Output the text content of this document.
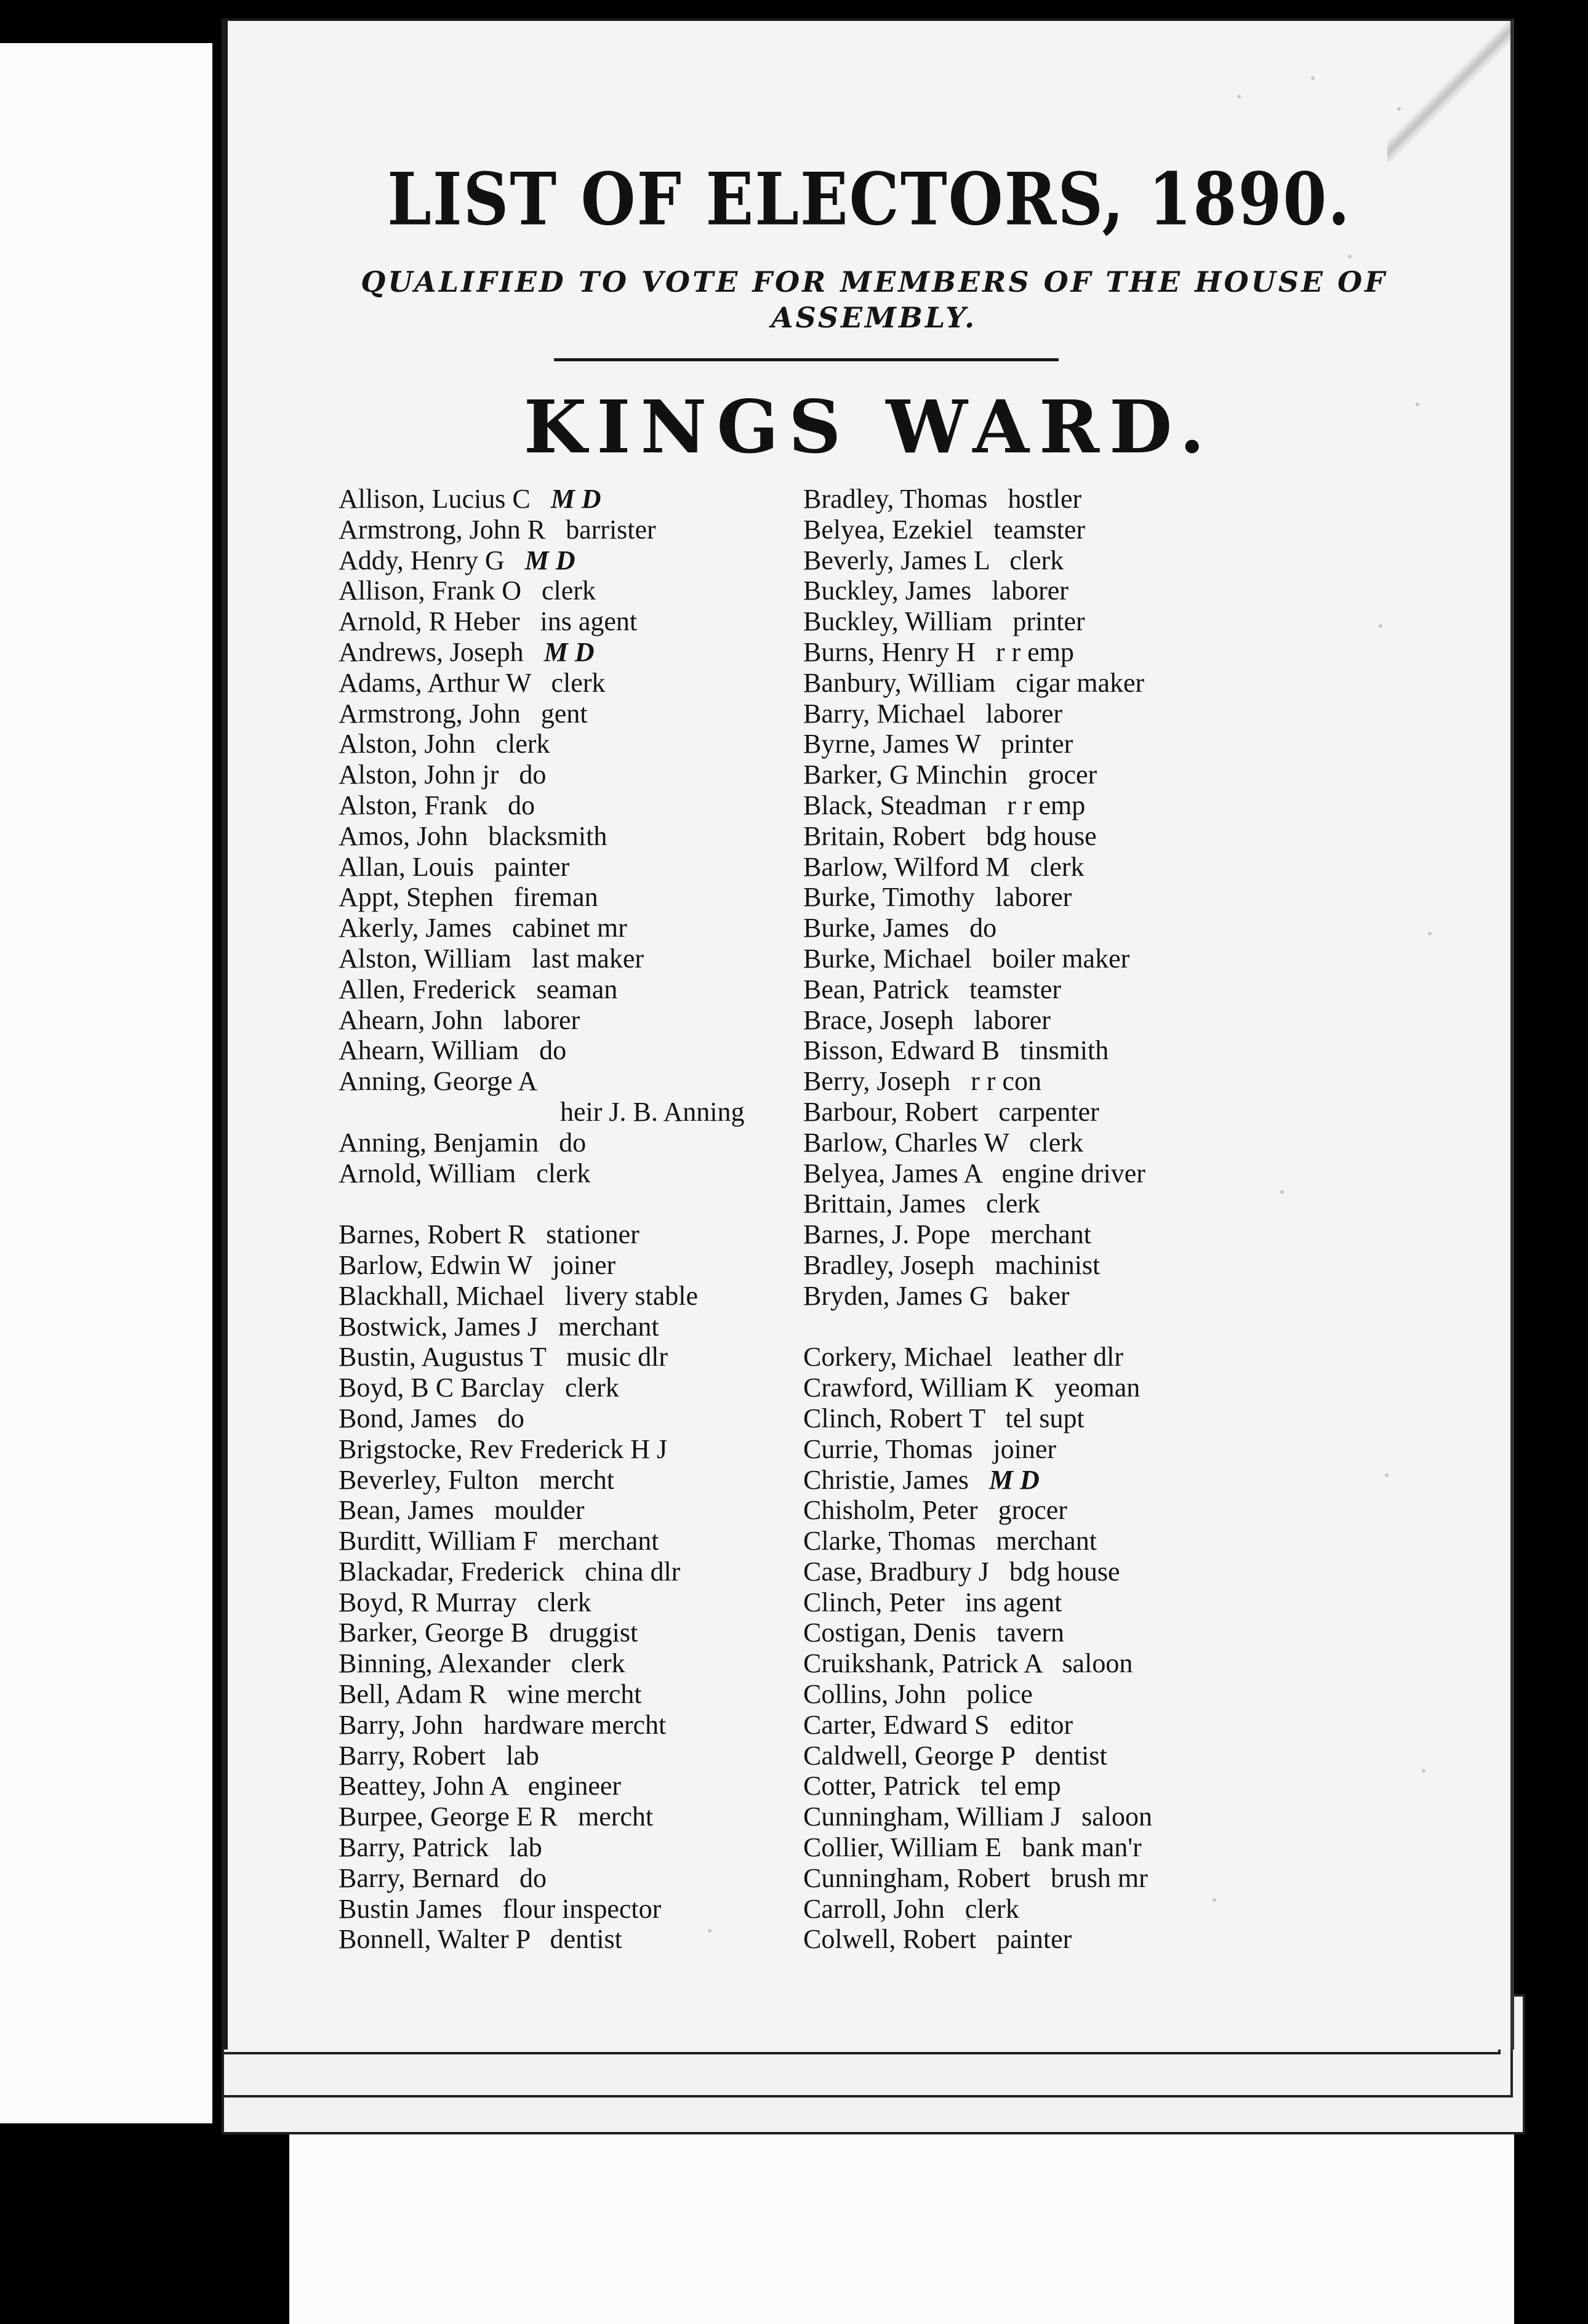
LIST OF ELECTORS, 1890.
QUALIFIED TO VOTE FOR MEMBERS OF THE HOUSE OF ASSEMBLY.
KINGS WARD.
Allison, Lucius C M D
Armstrong, John R barrister
Addy, Henry G M D
Allison, Frank O clerk
Arnold, R Heber ins agent
Andrews, Joseph M D
Adams, Arthur W clerk
Armstrong, John gent
Alston, John clerk
Alston, John jr do
Alston, Frank do
Amos, John blacksmith
Allan, Louis painter
Appt, Stephen fireman
Akerly, James cabinet mr
Alston, William last maker
Allen, Frederick seaman
Ahearn, John laborer
Ahearn, William do
Anning, George A
heir J. B. Anning
Anning, Benjamin do
Arnold, William clerk
Barnes, Robert R stationer
Barlow, Edwin W joiner
Blackhall, Michael livery stable
Bostwick, James J merchant
Bustin, Augustus T music dlr
Boyd, B C Barclay clerk
Bond, James do
Brigstocke, Rev Frederick H J
Beverley, Fulton mercht
Bean, James moulder
Burditt, William F merchant
Blackadar, Frederick china dlr
Boyd, R Murray clerk
Barker, George B druggist
Binning, Alexander clerk
Bell, Adam R wine mercht
Barry, John hardware mercht
Barry, Robert lab
Beattey, John A engineer
Burpee, George E R mercht
Barry, Patrick lab
Barry, Bernard do
Bustin James flour inspector
Bonnell, Walter P dentist
Bradley, Thomas hostler
Belyea, Ezekiel teamster
Beverly, James L clerk
Buckley, James laborer
Buckley, William printer
Burns, Henry H r r emp
Banbury, William cigar maker
Barry, Michael laborer
Byrne, James W printer
Barker, G Minchin grocer
Black, Steadman r r emp
Britain, Robert bdg house
Barlow, Wilford M clerk
Burke, Timothy laborer
Burke, James do
Burke, Michael boiler maker
Bean, Patrick teamster
Brace, Joseph laborer
Bisson, Edward B tinsmith
Berry, Joseph r r con
Barbour, Robert carpenter
Barlow, Charles W clerk
Belyea, James A engine driver
Brittain, James clerk
Barnes, J. Pope merchant
Bradley, Joseph machinist
Bryden, James G baker
Corkery, Michael leather dlr
Crawford, William K yeoman
Clinch, Robert T tel supt
Currie, Thomas joiner
Christie, James M D
Chisholm, Peter grocer
Clarke, Thomas merchant
Case, Bradbury J bdg house
Clinch, Peter ins agent
Costigan, Denis tavern
Cruikshank, Patrick A saloon
Collins, John police
Carter, Edward S editor
Caldwell, George P dentist
Cotter, Patrick tel emp
Cunningham, William J saloon
Collier, William E bank man'r
Cunningham, Robert brush mr
Carroll, John clerk
Colwell, Robert painter
